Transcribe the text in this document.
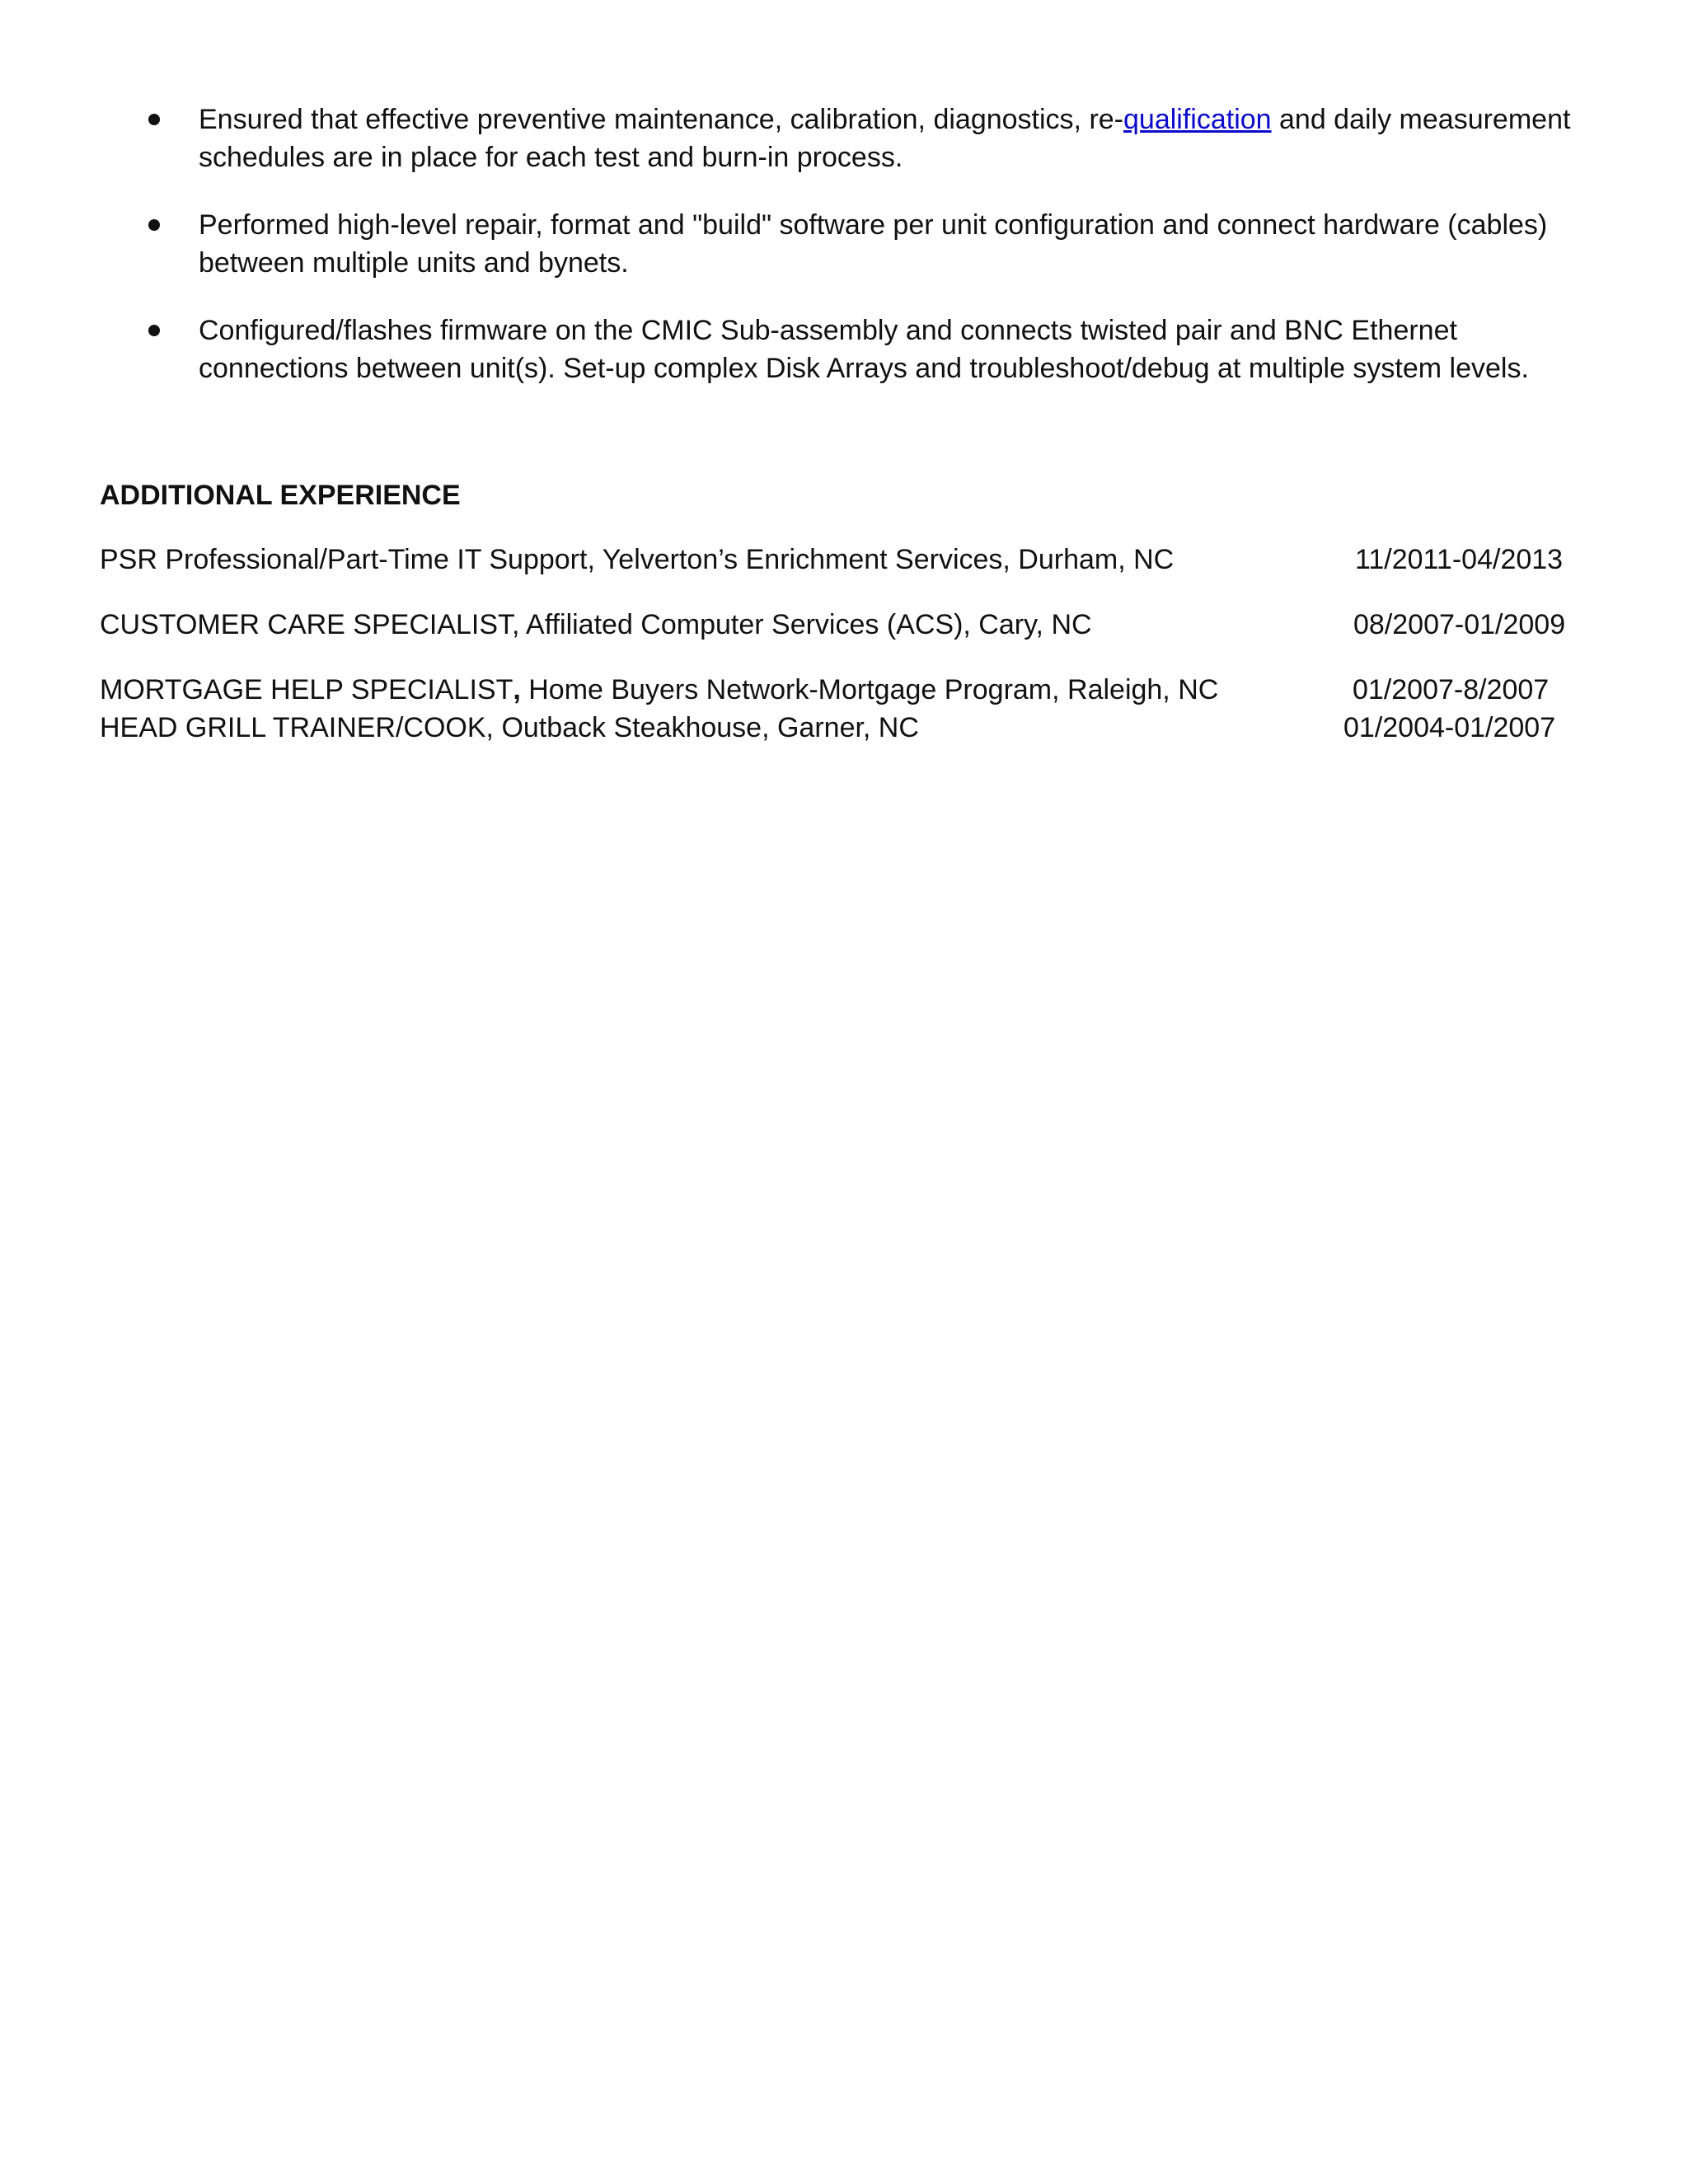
Ensured that effective preventive maintenance, calibration, diagnostics, re-qualification and daily measurement schedules are in place for each test and burn-in process.
Performed high-level repair, format and "build" software per unit configuration and connect hardware (cables) between multiple units and bynets.
Configured/flashes firmware on the CMIC Sub-assembly and connects twisted pair and BNC Ethernet connections between unit(s). Set-up complex Disk Arrays and troubleshoot/debug at multiple system levels.
ADDITIONAL EXPERIENCE
PSR Professional/Part-Time IT Support, Yelverton’s Enrichment Services, Durham, NC	11/2011-04/2013
CUSTOMER CARE SPECIALIST, Affiliated Computer Services (ACS), Cary, NC	08/2007-01/2009
MORTGAGE HELP SPECIALIST, Home Buyers Network-Mortgage Program, Raleigh, NC	01/2007-8/2007
HEAD GRILL TRAINER/COOK, Outback Steakhouse, Garner, NC	01/2004-01/2007
